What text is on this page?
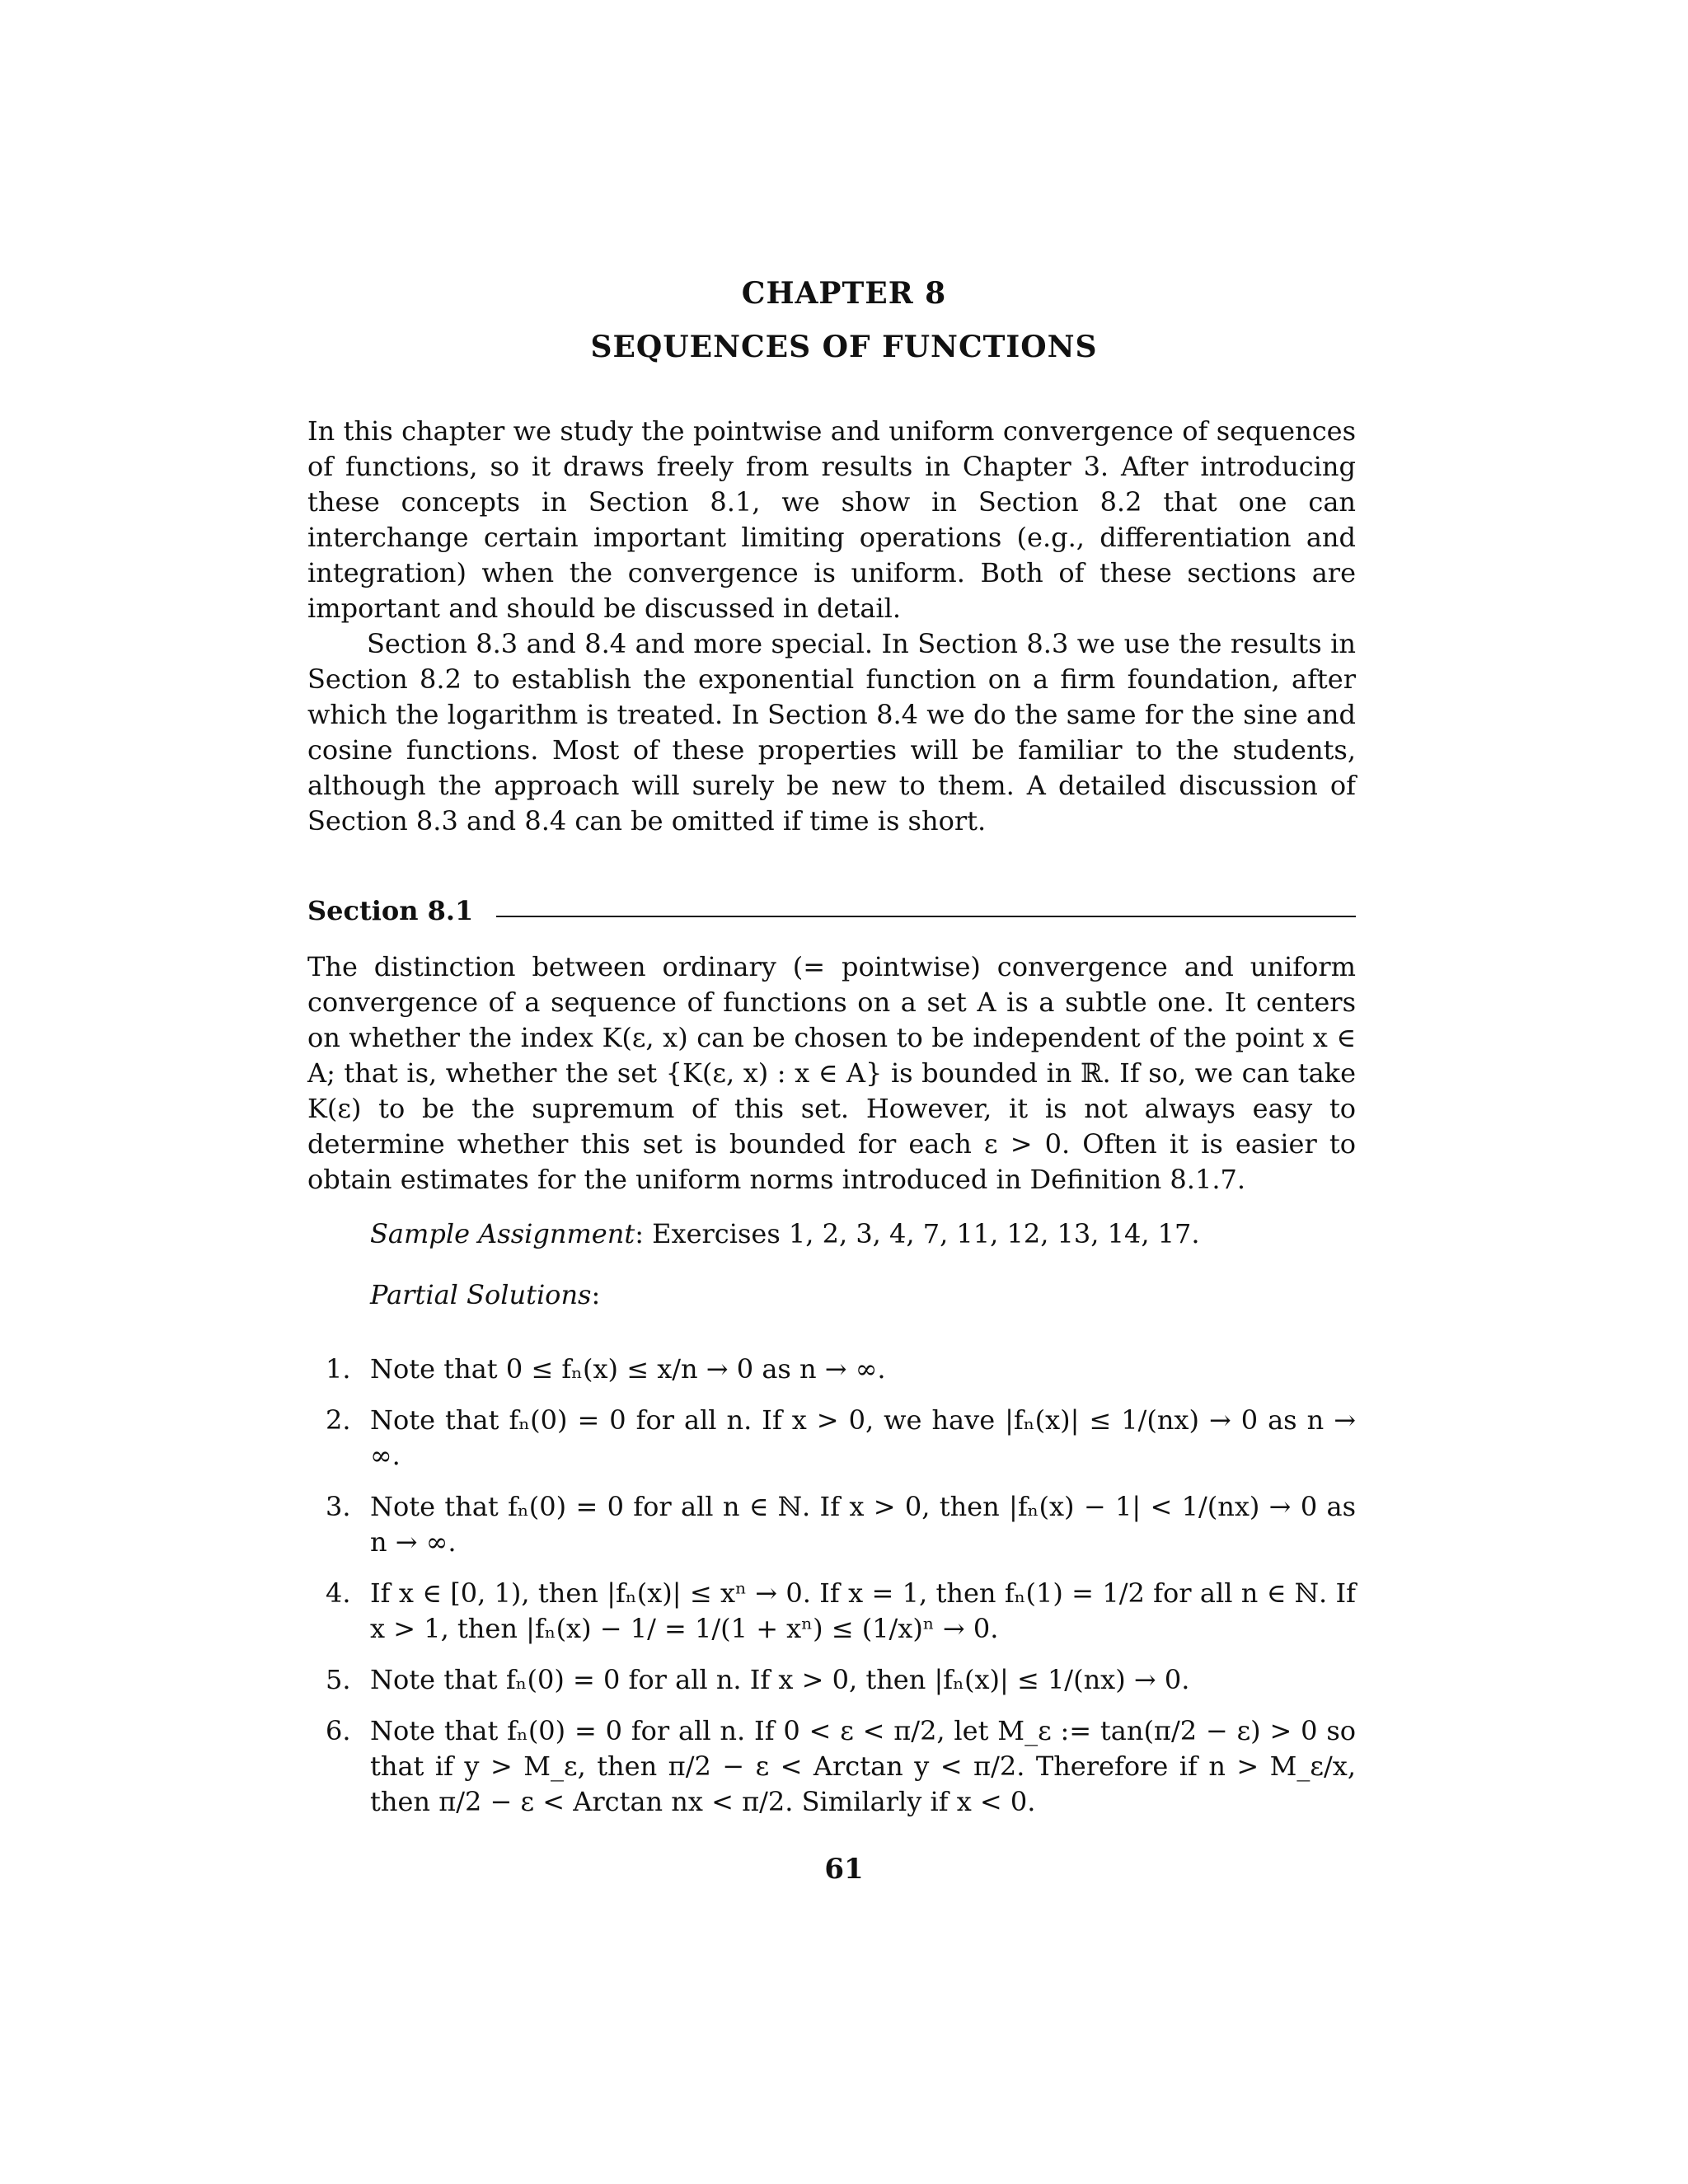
CHAPTER 8
SEQUENCES OF FUNCTIONS

In this chapter we study the pointwise and uniform convergence of sequences of functions, so it draws freely from results in Chapter 3. After introducing these concepts in Section 8.1, we show in Section 8.2 that one can interchange certain important limiting operations (e.g., differentiation and integration) when the convergence is uniform. Both of these sections are important and should be discussed in detail.

Section 8.3 and 8.4 and more special. In Section 8.3 we use the results in Section 8.2 to establish the exponential function on a firm foundation, after which the logarithm is treated. In Section 8.4 we do the same for the sine and cosine functions. Most of these properties will be familiar to the students, although the approach will surely be new to them. A detailed discussion of Section 8.3 and 8.4 can be omitted if time is short.

Section 8.1

The distinction between ordinary (= pointwise) convergence and uniform convergence of a sequence of functions on a set A is a subtle one. It centers on whether the index K(ε, x) can be chosen to be independent of the point x ∈ A; that is, whether the set {K(ε, x) : x ∈ A} is bounded in ℝ. If so, we can take K(ε) to be the supremum of this set. However, it is not always easy to determine whether this set is bounded for each ε > 0. Often it is easier to obtain estimates for the uniform norms introduced in Definition 8.1.7.

Sample Assignment: Exercises 1, 2, 3, 4, 7, 11, 12, 13, 14, 17.
Partial Solutions:
1. Note that 0 ≤ fₙ(x) ≤ x/n → 0 as n → ∞.
2. Note that fₙ(0) = 0 for all n. If x > 0, we have |fₙ(x)| ≤ 1/(nx) → 0 as n → ∞.
3. Note that fₙ(0) = 0 for all n ∈ ℕ. If x > 0, then |fₙ(x) − 1| < 1/(nx) → 0 as n → ∞.
4. If x ∈ [0, 1), then |fₙ(x)| ≤ xⁿ → 0. If x = 1, then fₙ(1) = 1/2 for all n ∈ ℕ. If x > 1, then |fₙ(x) − 1/ = 1/(1 + xⁿ) ≤ (1/x)ⁿ → 0.
5. Note that fₙ(0) = 0 for all n. If x > 0, then |fₙ(x)| ≤ 1/(nx) → 0.
6. Note that fₙ(0) = 0 for all n. If 0 < ε < π/2, let M_ε := tan(π/2 − ε) > 0 so that if y > M_ε, then π/2 − ε < Arctan y < π/2. Therefore if n > M_ε/x, then π/2 − ε < Arctan nx < π/2. Similarly if x < 0.
61
